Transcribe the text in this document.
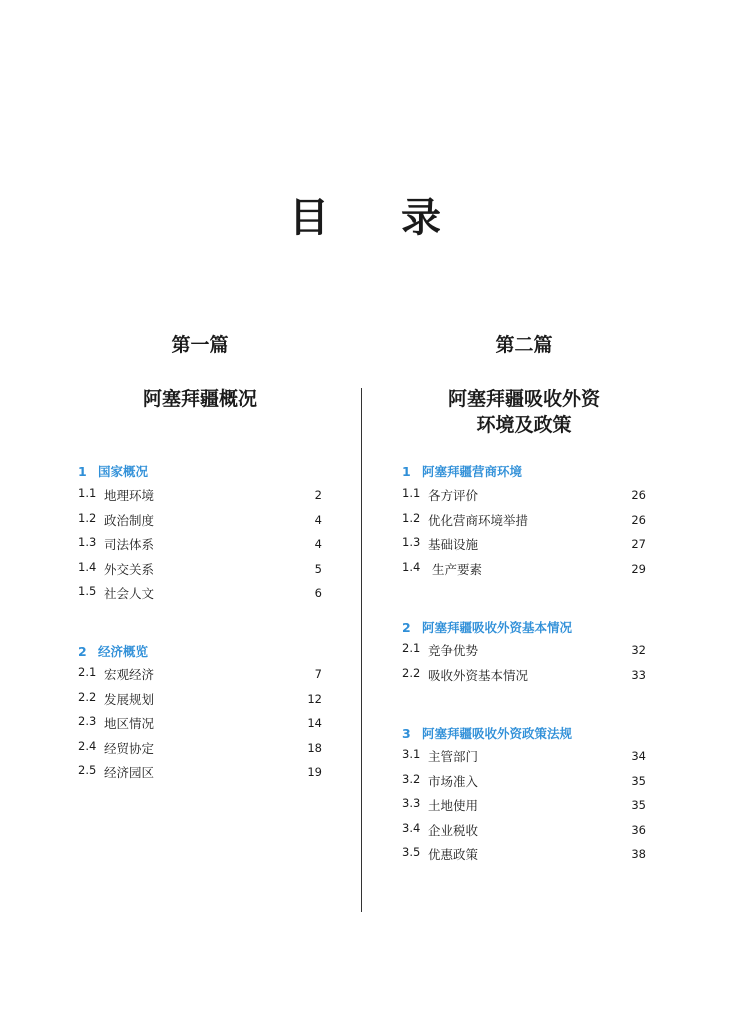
目 录
第一篇
阿塞拜疆概况
1 国家概况
1.1 地理环境	2
1.2 政治制度	4
1.3 司法体系	4
1.4 外交关系	5
1.5 社会人文	6
2 经济概览
2.1 宏观经济	7
2.2 发展规划	12
2.3 地区情况	14
2.4 经贸协定	18
2.5 经济园区	19
第二篇
阿塞拜疆吸收外资
环境及政策
1 阿塞拜疆营商环境
1.1 各方评价	26
1.2 优化营商环境举措	26
1.3 基础设施	27
1.4 生产要素	29
2 阿塞拜疆吸收外资基本情况
2.1 竞争优势	32
2.2 吸收外资基本情况	33
3 阿塞拜疆吸收外资政策法规
3.1 主管部门	34
3.2 市场准入	35
3.3 土地使用	35
3.4 企业税收	36
3.5 优惠政策	38
